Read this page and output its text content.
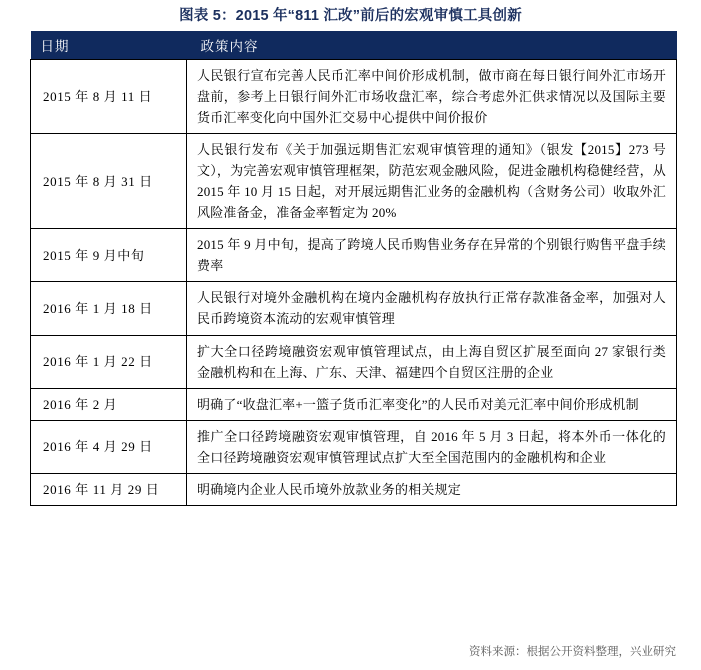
图表 5：2015 年“811 汇改”前后的宏观审慎工具创新
日期	政策内容
2015 年 8 月 11 日	人民银行宣布完善人民币汇率中间价形成机制，做市商在每日银行间外汇市场开盘前，参考上日银行间外汇市场收盘汇率，综合考虑外汇供求情况以及国际主要货币汇率变化向中国外汇交易中心提供中间价报价
2015 年 8 月 31 日	人民银行发布《关于加强远期售汇宏观审慎管理的通知》（银发【2015】273 号文），为完善宏观审慎管理框架，防范宏观金融风险，促进金融机构稳健经营，从 2015 年 10 月 15 日起，对开展远期售汇业务的金融机构（含财务公司）收取外汇风险准备金，准备金率暂定为 20%
2015 年 9 月中旬	2015 年 9 月中旬，提高了跨境人民币购售业务存在异常的个别银行购售平盘手续费率
2016 年 1 月 18 日	人民银行对境外金融机构在境内金融机构存放执行正常存款准备金率，加强对人民币跨境资本流动的宏观审慎管理
2016 年 1 月 22 日	扩大全口径跨境融资宏观审慎管理试点，由上海自贸区扩展至面向 27 家银行类金融机构和在上海、广东、天津、福建四个自贸区注册的企业
2016 年 2 月	明确了“收盘汇率+一篮子货币汇率变化”的人民币对美元汇率中间价形成机制
2016 年 4 月 29 日	推广全口径跨境融资宏观审慎管理，自 2016 年 5 月 3 日起，将本外币一体化的全口径跨境融资宏观审慎管理试点扩大至全国范围内的金融机构和企业
2016 年 11 月 29 日	明确境内企业人民币境外放款业务的相关规定
资料来源：根据公开资料整理，兴业研究
